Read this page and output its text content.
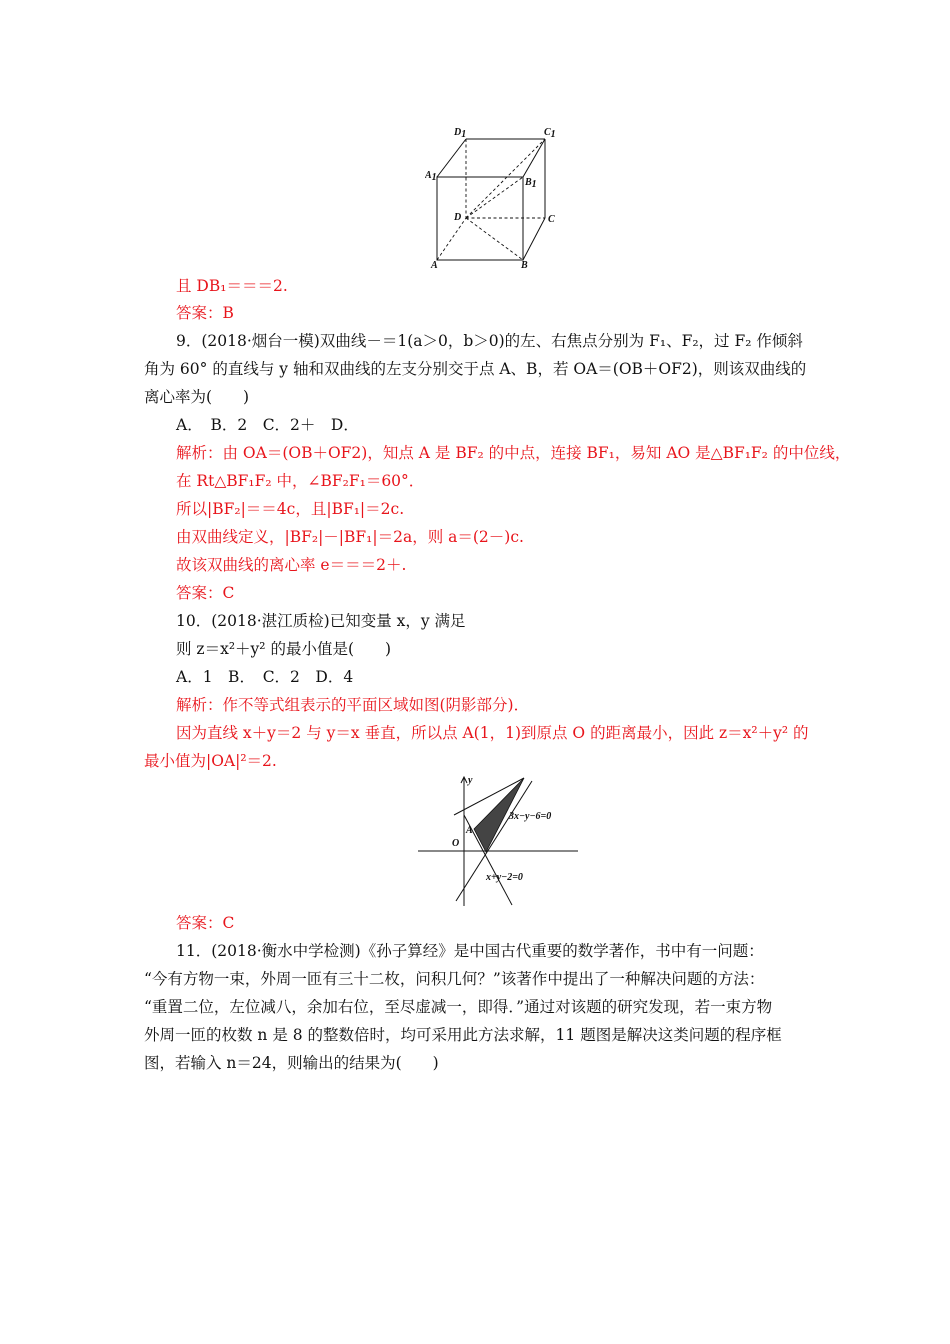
D1	C1
A1	B1
D	C
A	B
且 DB₁＝＝＝2.
答案：B
9．(2018·烟台一模)双曲线－＝1(a＞0，b＞0)的左、右焦点分别为 F₁、F₂，过 F₂ 作倾斜
角为 60° 的直线与 y 轴和双曲线的左支分别交于点 A、B，若 OA＝(OB＋OF2)，则该双曲线的
离心率为(　　)
A．　B．2　C．2＋　D．
解析：由 OA＝(OB＋OF2)，知点 A 是 BF₂ 的中点，连接 BF₁，易知 AO 是△BF₁F₂ 的中位线，
在 Rt△BF₁F₂ 中，∠BF₂F₁＝60°．
所以|BF₂|＝＝4c，且|BF₁|＝2c.
由双曲线定义，|BF₂|－|BF₁|＝2a，则 a＝(2－)c.
故该双曲线的离心率 e＝＝＝2＋.
答案：C
10．(2018·湛江质检)已知变量 x，y 满足
则 z＝x²＋y² 的最小值是(　　)
A．1　B．　C．2　D．4
解析：作不等式组表示的平面区域如图(阴影部分)．
因为直线 x＋y＝2 与 y＝x 垂直，所以点 A(1，1)到原点 O 的距离最小，因此 z＝x²＋y² 的
最小值为|OA|²＝2.
y
O
A
3x−y−6=0
x+y−2=0
答案：C
11．(2018·衡水中学检测)《孙子算经》是中国古代重要的数学著作，书中有一问题：
“今有方物一束，外周一匝有三十二枚，问积几何？”该著作中提出了一种解决问题的方法：
“重置二位，左位减八，余加右位，至尽虚减一，即得．”通过对该题的研究发现，若一束方物
外周一匝的枚数 n 是 8 的整数倍时，均可采用此方法求解，11 题图是解决这类问题的程序框
图，若输入 n＝24，则输出的结果为(　　)
